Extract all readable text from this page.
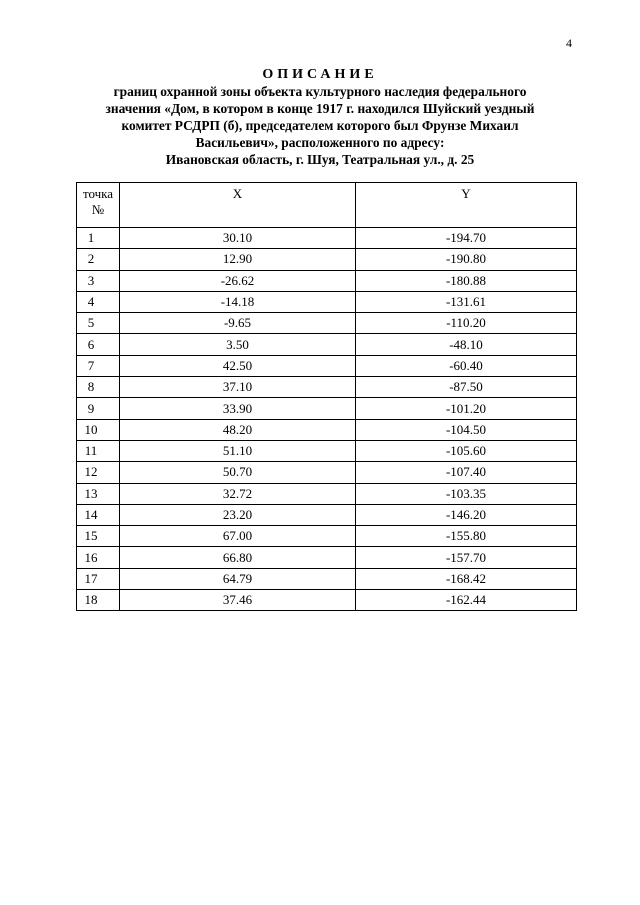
4
ОПИСАНИЕ
границ охранной зоны объекта культурного наследия федерального
значения «Дом, в котором в конце 1917 г. находился Шуйский уездный
комитет РСДРП (б), председателем которого был Фрунзе Михаил
Васильевич», расположенного по адресу:
Ивановская область, г. Шуя, Театральная ул., д. 25
точка
№	X	Y
1	30.10	-194.70
2	12.90	-190.80
3	-26.62	-180.88
4	-14.18	-131.61
5	-9.65	-110.20
6	3.50	-48.10
7	42.50	-60.40
8	37.10	-87.50
9	33.90	-101.20
10	48.20	-104.50
11	51.10	-105.60
12	50.70	-107.40
13	32.72	-103.35
14	23.20	-146.20
15	67.00	-155.80
16	66.80	-157.70
17	64.79	-168.42
18	37.46	-162.44
